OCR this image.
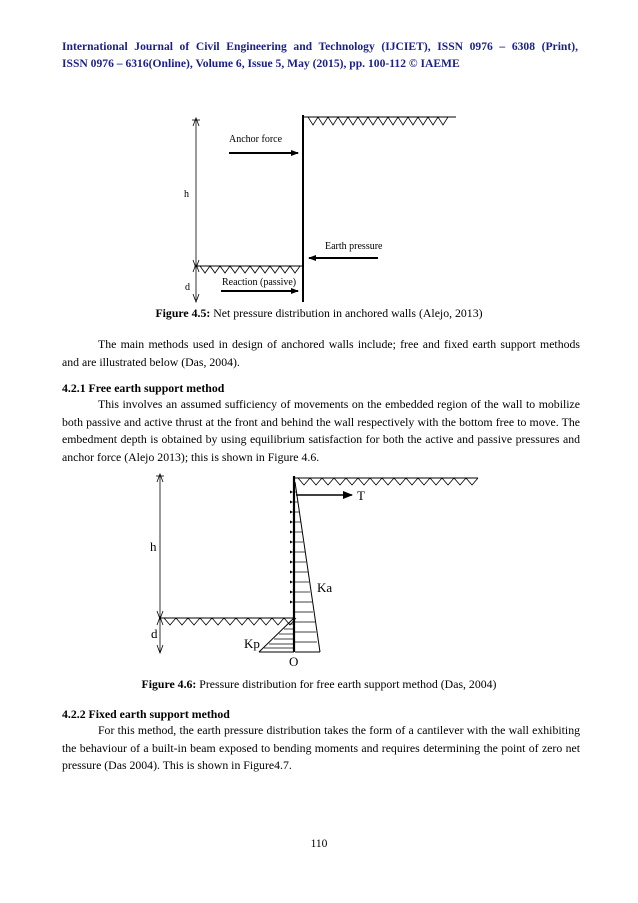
International Journal of Civil Engineering and Technology (IJCIET), ISSN 0976 – 6308 (Print),
ISSN 0976 – 6316(Online), Volume 6, Issue 5, May (2015), pp. 100-112 © IAEME
Anchor force
Earth pressure
Reaction (passive)
h
d
Figure 4.5: Net pressure distribution in anchored walls (Alejo, 2013)

The main methods used in design of anchored walls include; free and fixed earth support methods and are illustrated below (Das, 2004).

4.2.1 Free earth support method

This involves an assumed sufficiency of movements on the embedded region of the wall to mobilize both passive and active thrust at the front and behind the wall respectively with the bottom free to move. The embedment depth is obtained by using equilibrium satisfaction for both the active and passive pressures and anchor force (Alejo 2013); this is shown in Figure 4.6.

T
h
d
Ka
Kp
O
Figure 4.6: Pressure distribution for free earth support method (Das, 2004)
4.2.2 Fixed earth support method

For this method, the earth pressure distribution takes the form of a cantilever with the wall exhibiting the behaviour of a built-in beam exposed to bending moments and requires determining the point of zero net pressure (Das 2004). This is shown in Figure4.7.

110
